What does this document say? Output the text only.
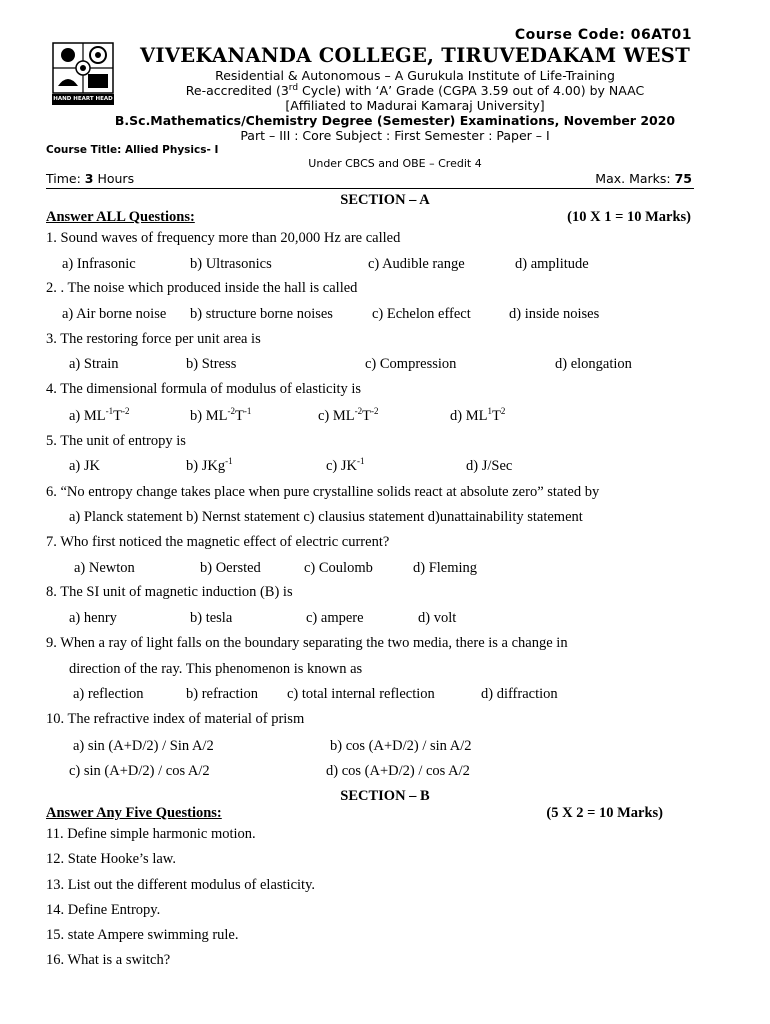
HAND HEART HEAD
Course Code: 06AT01
VIVEKANANDA COLLEGE, TIRUVEDAKAM WEST
Residential & Autonomous – A Gurukula Institute of Life-Training
Re-accredited (3rd Cycle) with ‘A’ Grade (CGPA 3.59 out of 4.00) by NAAC
[Affiliated to Madurai Kamaraj University]
B.Sc.Mathematics/Chemistry Degree (Semester) Examinations, November 2020
Part – III : Core Subject : First Semester : Paper – I
Course Title: Allied Physics- I
Under CBCS and OBE – Credit 4
Time: 3 Hours	Max. Marks: 75
SECTION – A
Answer ALL Questions:	(10 X 1 = 10 Marks)
1. Sound waves of frequency more than 20,000 Hz are called
a) Infrasonic	b) Ultrasonics	c) Audible range	d) amplitude
2. . The noise which produced inside the hall is called
a) Air borne noise b) structure borne noises	c) Echelon effect	d) inside noises
3. The restoring force per unit area is
a) Strain	b) Stress	c) Compression	d) elongation
4. The dimensional formula of modulus of elasticity is
a) $ML^{-1}T^{-2}$	b) $ML^{-2}T^{-1}$	c) $ML^{-2}T^{-2}$	d) $ML^1T^2$
5. The unit of entropy is
a) JK	b) JKg$^{-1}$	c) $JK^{-1}$	d) J/Sec
6. “No entropy change takes place when pure crystalline solids react at absolute zero” stated by
a) Planck statement b) Nernst statement c) clausius statement d)unattainability statement
7. Who first noticed the magnetic effect of electric current?
a) Newton	b) Oersted	c) Coulomb	d) Fleming
8. The SI unit of magnetic induction (B) is
a) henry	b) tesla	c) ampere	d) volt
9. When a ray of light falls on the boundary separating the two media, there is a change in
direction of the ray. This phenomenon is known as
a) reflection	b) refraction c) total internal reflection	d) diffraction
10. The refractive index of material of prism
a) sin (A+D/2) / Sin A/2	b) cos (A+D/2) / sin A/2
c) sin (A+D/2) / cos A/2	d) cos (A+D/2) / cos A/2
SECTION – B
Answer Any Five Questions:	(5 X 2 = 10 Marks)
11. Define simple harmonic motion.
12. State Hooke’s law.
13. List out the different modulus of elasticity.
14. Define Entropy.
15. state Ampere swimming rule.
16. What is a switch?
